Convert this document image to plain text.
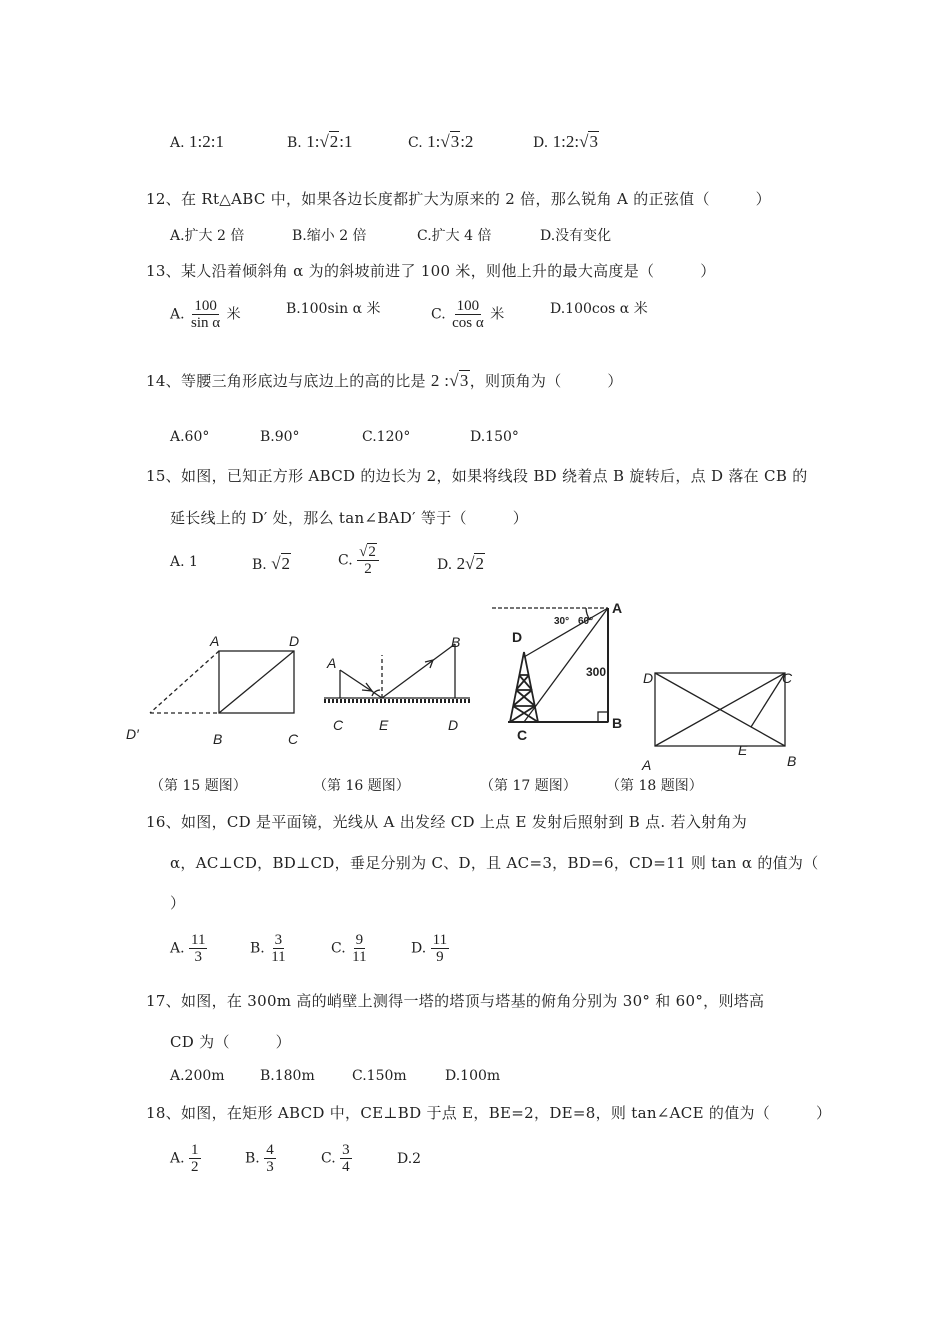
A. 1:2:1	B. 1:√2:1	C. 1:√3:2	D. 1:2:√3
12、在 Rt△ABC 中，如果各边长度都扩大为原来的 2 倍，那么锐角 A 的正弦值（　　　）
A.扩大 2 倍	B.缩小 2 倍	C.扩大 4 倍	D.没有变化
13、某人沿着倾斜角 α 为的斜坡前进了 100 米，则他上升的最大高度是（　　　）
A. $\frac{100}{\text{sin α}}$ 米	B.100sin α 米	C. $\frac{100}{\text{cos α}}$ 米	D.100cos α 米
14、等腰三角形底边与底边上的高的比是 2 :√3，则顶角为（　　　）
A.60°	B.90°	C.120°	D.150°
15、如图，已知正方形 ABCD 的边长为 2，如果将线段 BD 绕着点 B 旋转后，点 D 落在 CB 的
延长线上的 D′ 处，那么 tan∠BAD′ 等于（　　　）
A. 1	B. √2	C. $\frac{√2}{2}$	D. 2√2
A	D
D′	B	C
A
B
C	E	D
D
A
C
B
300
30° 60°
D	C
A	B
E
（第 15 题图）	（第 16 题图）	（第 17 题图） （第 18 题图）
16、如图，CD 是平面镜，光线从 A 出发经 CD 上点 E 发射后照射到 B 点. 若入射角为
α，AC⊥CD，BD⊥CD，垂足分别为 C、D，且 AC=3，BD=6，CD=11 则 tan α 的值为（
）
A. $\frac{11}{3}$	B. $\frac{3}{11}$	C. $\frac{9}{11}$	D. $\frac{11}{9}$
17、如图，在 300m 高的峭壁上测得一塔的塔顶与塔基的俯角分别为 30° 和 60°，则塔高
CD 为（　　　）
A.200m	B.180m	C.150m	D.100m
18、如图，在矩形 ABCD 中，CE⊥BD 于点 E，BE=2，DE=8，则 tan∠ACE 的值为（　　　）
A. $\frac{1}{2}$	B. $\frac{4}{3}$	C. $\frac{3}{4}$	D.2
